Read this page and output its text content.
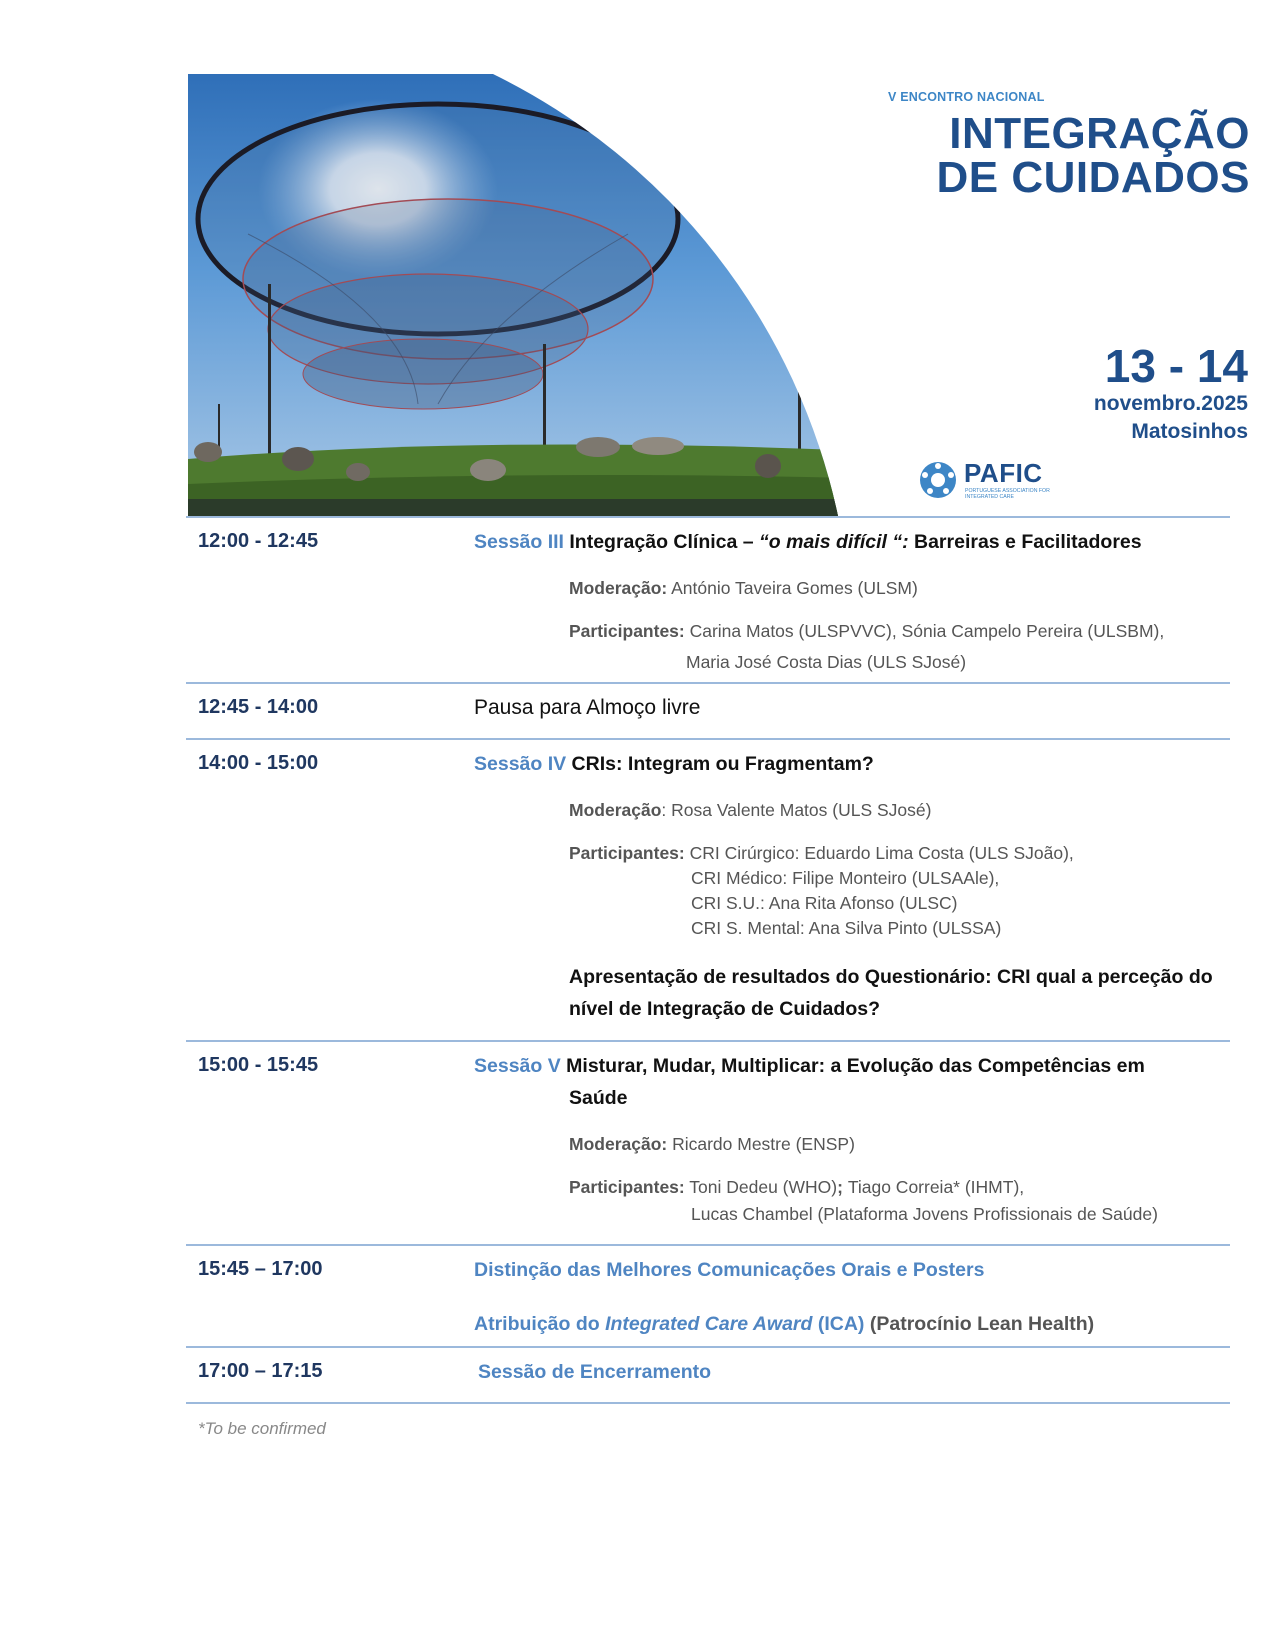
V ENCONTRO NACIONAL
INTEGRAÇÃO
DE CUIDADOS
13 - 14
novembro.2025
Matosinhos
PAFIC
PORTUGUESE ASSOCIATION FOR INTEGRATED CARE
12:00 - 12:45	Sessão III Integração Clínica – “o mais difícil “: Barreiras e Facilitadores
Moderação: António Taveira Gomes (ULSM)
Participantes: Carina Matos (ULSPVVC), Sónia Campelo Pereira (ULSBM),
Maria José Costa Dias (ULS SJosé)
12:45 - 14:00	Pausa para Almoço livre
14:00 - 15:00	Sessão IV CRIs: Integram ou Fragmentam?
Moderação: Rosa Valente Matos (ULS SJosé)
Participantes: CRI Cirúrgico: Eduardo Lima Costa (ULS SJoão),
CRI Médico: Filipe Monteiro (ULSAAle),
CRI S.U.: Ana Rita Afonso (ULSC)
CRI S. Mental: Ana Silva Pinto (ULSSA)
Apresentação de resultados do Questionário: CRI qual a perceção do nível de Integração de Cuidados?
15:00 - 15:45	Sessão V Misturar, Mudar, Multiplicar: a Evolução das Competências em
Saúde
Moderação: Ricardo Mestre (ENSP)
Participantes: Toni Dedeu (WHO); Tiago Correia* (IHMT),
Lucas Chambel (Plataforma Jovens Profissionais de Saúde)
15:45 – 17:00	Distinção das Melhores Comunicações Orais e Posters
Atribuição do Integrated Care Award (ICA) (Patrocínio Lean Health)
17:00 – 17:15	Sessão de Encerramento
*To be confirmed
